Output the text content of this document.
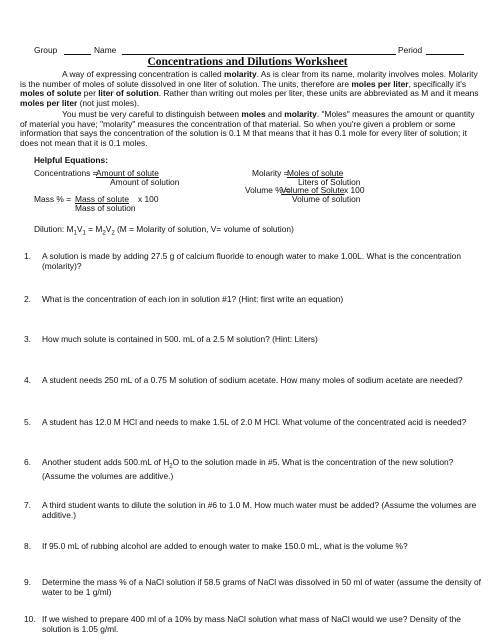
Group	Name	Period
Concentrations and Dilutions Worksheet
A way of expressing concentration is called molarity. As is clear from its name, molarity involves moles. Molarity is the number of moles of solute dissolved in one liter of solution. The units, therefore are moles per liter, specifically it's moles of solute per liter of solution. Rather than writing out moles per liter, these units are abbreviated as M and it means moles per liter (not just moles).
You must be very careful to distinguish between moles and molarity. "Moles" measures the amount or quantity of material you have; "molarity" measures the concentration of that material. So when you're given a problem or some information that says the concentration of the solution is 0.1 M that means that it has 0.1 mole for every liter of solution; it does not mean that it is 0.1 moles.
Helpful Equations:
Concentrations =
Amount of solute
Amount of solution
Molarity =
Moles of solute
Liters of Solution
Mass % = Mass of solute x 100
Mass of solution
Volume % =
Volume of Solute x 100
Volume of solution
Dilution: $M_1V_1 = M_2V_2$ (M = Molarity of solution, V= volume of solution)
1.	A solution is made by adding 27.5 g of calcium fluoride to enough water to make 1.00L. What is the concentration (molarity)?
2.	What is the concentration of each ion in solution #1? (Hint: first write an equation)
3.	How much solute is contained in 500. mL of a 2.5 M solution? (Hint: Liters)
4.	A student needs 250 mL of a 0.75 M solution of sodium acetate. How many moles of sodium acetate are needed?
5.	A student has 12.0 M HCl and needs to make 1.5L of 2.0 M HCl. What volume of the concentrated acid is needed?
6.	Another student adds 500.mL of $H_2O$ to the solution made in #5. What is the concentration of the new solution? (Assume the volumes are additive.)
7.	A third student wants to dilute the solution in #6 to 1.0 M. How much water must be added? (Assume the volumes are additive.)
8.	If 95.0 mL of rubbing alcohol are added to enough water to make 150.0 mL, what is the volume %?
9.	Determine the mass % of a NaCl solution if 58.5 grams of NaCl was dissolved in 50 ml of water (assume the density of water to be 1 g/ml)
10. If we wished to prepare 400 ml of a 10% by mass NaCl solution what mass of NaCl would we use? Density of the solution is 1.05 g/ml.
